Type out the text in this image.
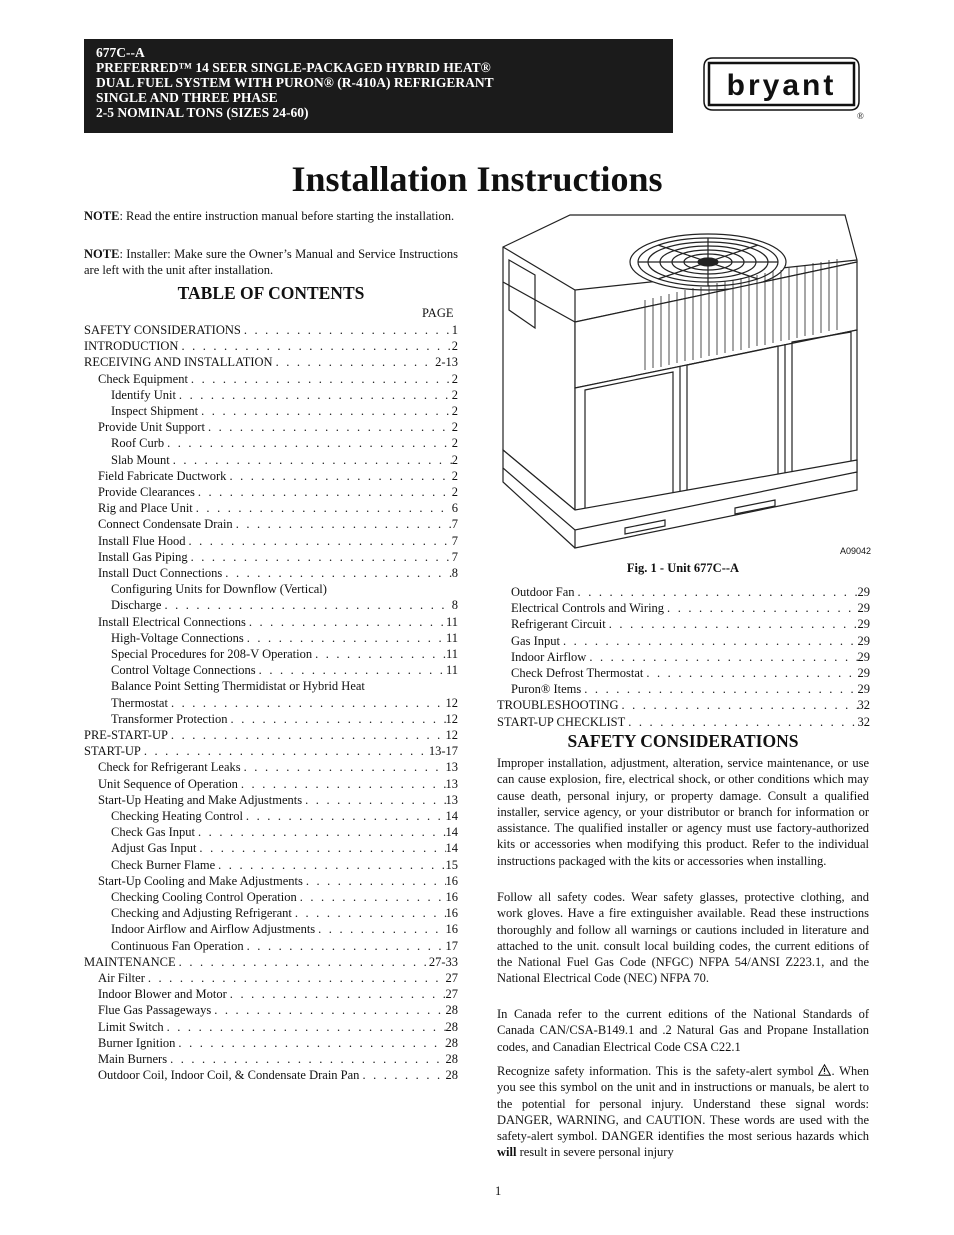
677C--A
PREFERRED™ 14 SEER SINGLE-PACKAGED HYBRID HEAT®
DUAL FUEL SYSTEM WITH PURON® (R-410A) REFRIGERANT
SINGLE AND THREE PHASE
2-5 NOMINAL TONS (SIZES 24-60)
bryant
®
Installation Instructions
NOTE: Read the entire instruction manual before starting the installation.
NOTE: Installer: Make sure the Owner’s Manual and Service Instructions are left with the unit after installation.
TABLE OF CONTENTS
PAGE
SAFETY CONSIDERATIONS . . .	1
INTRODUCTION . . .	2
RECEIVING AND INSTALLATION . . .	2-13
Check Equipment . . .	2
Identify Unit . . .	2
Inspect Shipment . . .	2
Provide Unit Support . . .	2
Roof Curb . . .	2
Slab Mount . . .	2
Field Fabricate Ductwork . . .	2
Provide Clearances . . .	2
Rig and Place Unit . . .	6
Connect Condensate Drain . . .	7
Install Flue Hood . . .	7
Install Gas Piping . . .	7
Install Duct Connections . . .	8
Configuring Units for Downflow (Vertical)
Discharge . . .	8
Install Electrical Connections . . .	11
High-Voltage Connections . . .	11
Special Procedures for 208-V Operation . . .	11
Control Voltage Connections . . .	11
Balance Point Setting Thermidistat or Hybrid Heat
Thermostat . . .	12
Transformer Protection . . .	12
PRE-START-UP . . .	12
START-UP . . .	13-17
Check for Refrigerant Leaks . . .	13
Unit Sequence of Operation . . .	13
Start-Up Heating and Make Adjustments . . .	13
Checking Heating Control . . .	14
Check Gas Input . . .	14
Adjust Gas Input . . .	14
Check Burner Flame . . .	15
Start-Up Cooling and Make Adjustments . . .	16
Checking Cooling Control Operation . . .	16
Checking and Adjusting Refrigerant . . .	16
Indoor Airflow and Airflow Adjustments . . .	16
Continuous Fan Operation . . .	17
MAINTENANCE . . .	27-33
Air Filter . . .	27
Indoor Blower and Motor . . .	27
Flue Gas Passageways . . .	28
Limit Switch . . .	28
Burner Ignition . . .	28
Main Burners . . .	28
Outdoor Coil, Indoor Coil, & Condensate Drain Pan . . .	28
Outdoor Fan . . .	29
Electrical Controls and Wiring . . .	29
Refrigerant Circuit . . .	29
Gas Input . . .	29
Indoor Airflow . . .	29
Check Defrost Thermostat . . .	29
Puron® Items . . .	29
TROUBLESHOOTING . . .	32
START-UP CHECKLIST . . .	32
A09042
Fig. 1 - Unit 677C--A
SAFETY CONSIDERATIONS
Improper installation, adjustment, alteration, service maintenance, or use can cause explosion, fire, electrical shock, or other conditions which may cause death, personal injury, or property damage. Consult a qualified installer, service agency, or your distributor or branch for information or assistance. The qualified installer or agency must use factory-authorized kits or accessories when modifying this product. Refer to the individual instructions packaged with the kits or accessories when installing.
Follow all safety codes. Wear safety glasses, protective clothing, and work gloves. Have a fire extinguisher available. Read these instructions thoroughly and follow all warnings or cautions included in literature and attached to the unit. consult local building codes, the current editions of the National Fuel Gas Code (NFGC) NFPA 54/ANSI Z223.1, and the National Electrical Code (NEC) NFPA 70.
In Canada refer to the current editions of the National Standards of Canada CAN/CSA-B149.1 and .2 Natural Gas and Propane Installation codes, and Canadian Electrical Code CSA C22.1
Recognize safety information. This is the safety-alert symbol . When you see this symbol on the unit and in instructions or manuals, be alert to the potential for personal injury. Understand these signal words: DANGER, WARNING, and CAUTION. These words are used with the safety-alert symbol. DANGER identifies the most serious hazards which will result in severe personal injury
1
